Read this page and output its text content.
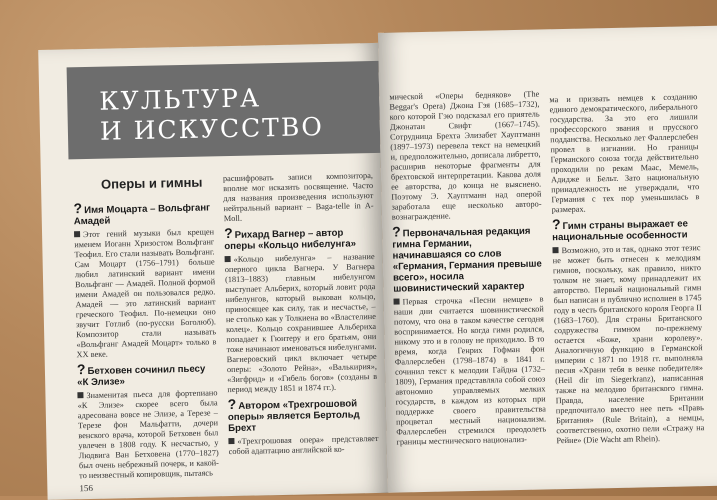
КУЛЬТУРА
И ИСКУССТВО
Оперы и гимны
? Имя Моцарта – Вольфганг Амадей

Этот гений музыки был крещен именем Иоганн Хризостом Вольфганг Теофил. Его стали называть Вольфганг. Сам Моцарт (1756–1791) больше любил латинский вариант имени Вольфганг — Амадей. Полной формой имени Амадей он пользовался редко. Амадей — это латинский вариант греческого Теофил. По-немецки оно звучит Готлиб (по-русски Боголюб). Композитор стали называть «Вольфганг Амадей Моцарт» только в XX веке.

? Бетховен сочинил пьесу «К Элизе»

Знаменитая пьеса для фортепиано «К Элизе» скорее всего была адресована вовсе не Элизе, а Терезе – Терезе фон Мальфатти, дочери венского врача, которой Бетховен был увлечен в 1808 году. К несчастью, у Людвига Ван Бетховена (1770–1827) был очень небрежный почерк, и какой-то неизвестный копировщик, пытаясь

расшифровать записи композитора, вполне мог исказить посвящение. Часто для названия произведения используют нейтральный вариант – Baga-telle in A-Moll.

? Рихард Вагнер – автор оперы «Кольцо нибелунга»

«Кольцо нибелунга» – название оперного цикла Вагнера. У Вагнера (1813–1883) главным нибелунгом выступает Альберих, который ловит рода нибелунгов, который выкован кольцо, приносящее как силу, так и несчастье, – не столько как у Толкиена во «Властелине колец». Кольцо сохранившее Альбериха попадает к Гюнтеру и его братьям, они тоже начинают именоваться нибелунгами. Вагнеровский цикл включает четыре оперы: «Золото Рейна», «Валькирия», «Зигфрид» и «Гибель богов» (созданы в период между 1851 и 1874 гг.).

? Автором «Трехгрошовой оперы» является Бертольд Брехт

«Трехгрошовая опера» представляет собой адаптацию английской ко-

156

мической «Оперы бедняков» (The Beggar's Opera) Джона Гэя (1685–1732), кого которой Гэю подсказал его приятель Джонатан Свифт (1667–1745). Сотрудница Брехта Элизабет Хауптманн (1897–1973) перевела текст на немецкий и, предположительно, дописала либретто, расширив некоторые фрагменты для брехтовской интерпретации. Какова доля ее авторства, до конца не выяснено. Поэтому Э. Хауптманн над оперой заработала еще несколько авторо-вознаграждение.

? Первоначальная редакция гимна Германии, начинавшаяся со слов «Германия, Германия превыше всего», носила шовинистический характер

Первая строчка «Песни немцев» в наши дни считается шовинистической потому, что она в таком качестве сегодня воспринимается. Но когда гимн родился, никому это и в голову не приходило. В то время, когда Генрих Гофман фон Фаллерслебен (1798–1874) в 1841 г. сочинил текст к мелодии Гайдна (1732–1809), Германия представляла собой союз автономно управляемых мелких государств, в каждом из которых при поддержке своего правительства процветал местный национализм. Фаллерслебен стремился преодолеть границы местнического национализ-

ма и призвать немцев к созданию единого демократического, либерального государства. За это его лишили профессорского звания и прусского подданства. Несколько лет Фаллерслебен провел в изгнании. Но границы Германского союза тогда действительно проходили по рекам Маас, Мемель, Адидже и Бельт. Зато национальную принадлежность не утверждали, что Германия с тех пор уменьшилась в размерах.

? Гимн страны выражает ее национальные особенности

Возможно, это и так, однако этот тезис не может быть отнесен к мелодиям гимнов, поскольку, как правило, никто толком не знает, кому принадлежит их авторство. Первый национальный гимн был написан и публично исполнен в 1745 году в честь британского короля Георга II (1683–1760). Для страны Британского содружества гимном по-прежнему остается «Боже, храни королеву». Аналогичную функцию в Германской империи с 1871 по 1918 гг. выполняла песня «Храни тебя в венке победителя» (Heil dir im Siegerkranz), написанная также на мелодию британского гимна. Правда, население Британии предпочитало вместо нее петь «Правь Британия» (Rule Britain), а немцы, соответственно, охотно пели «Стражу на Рейне» (Die Wacht am Rhein).
